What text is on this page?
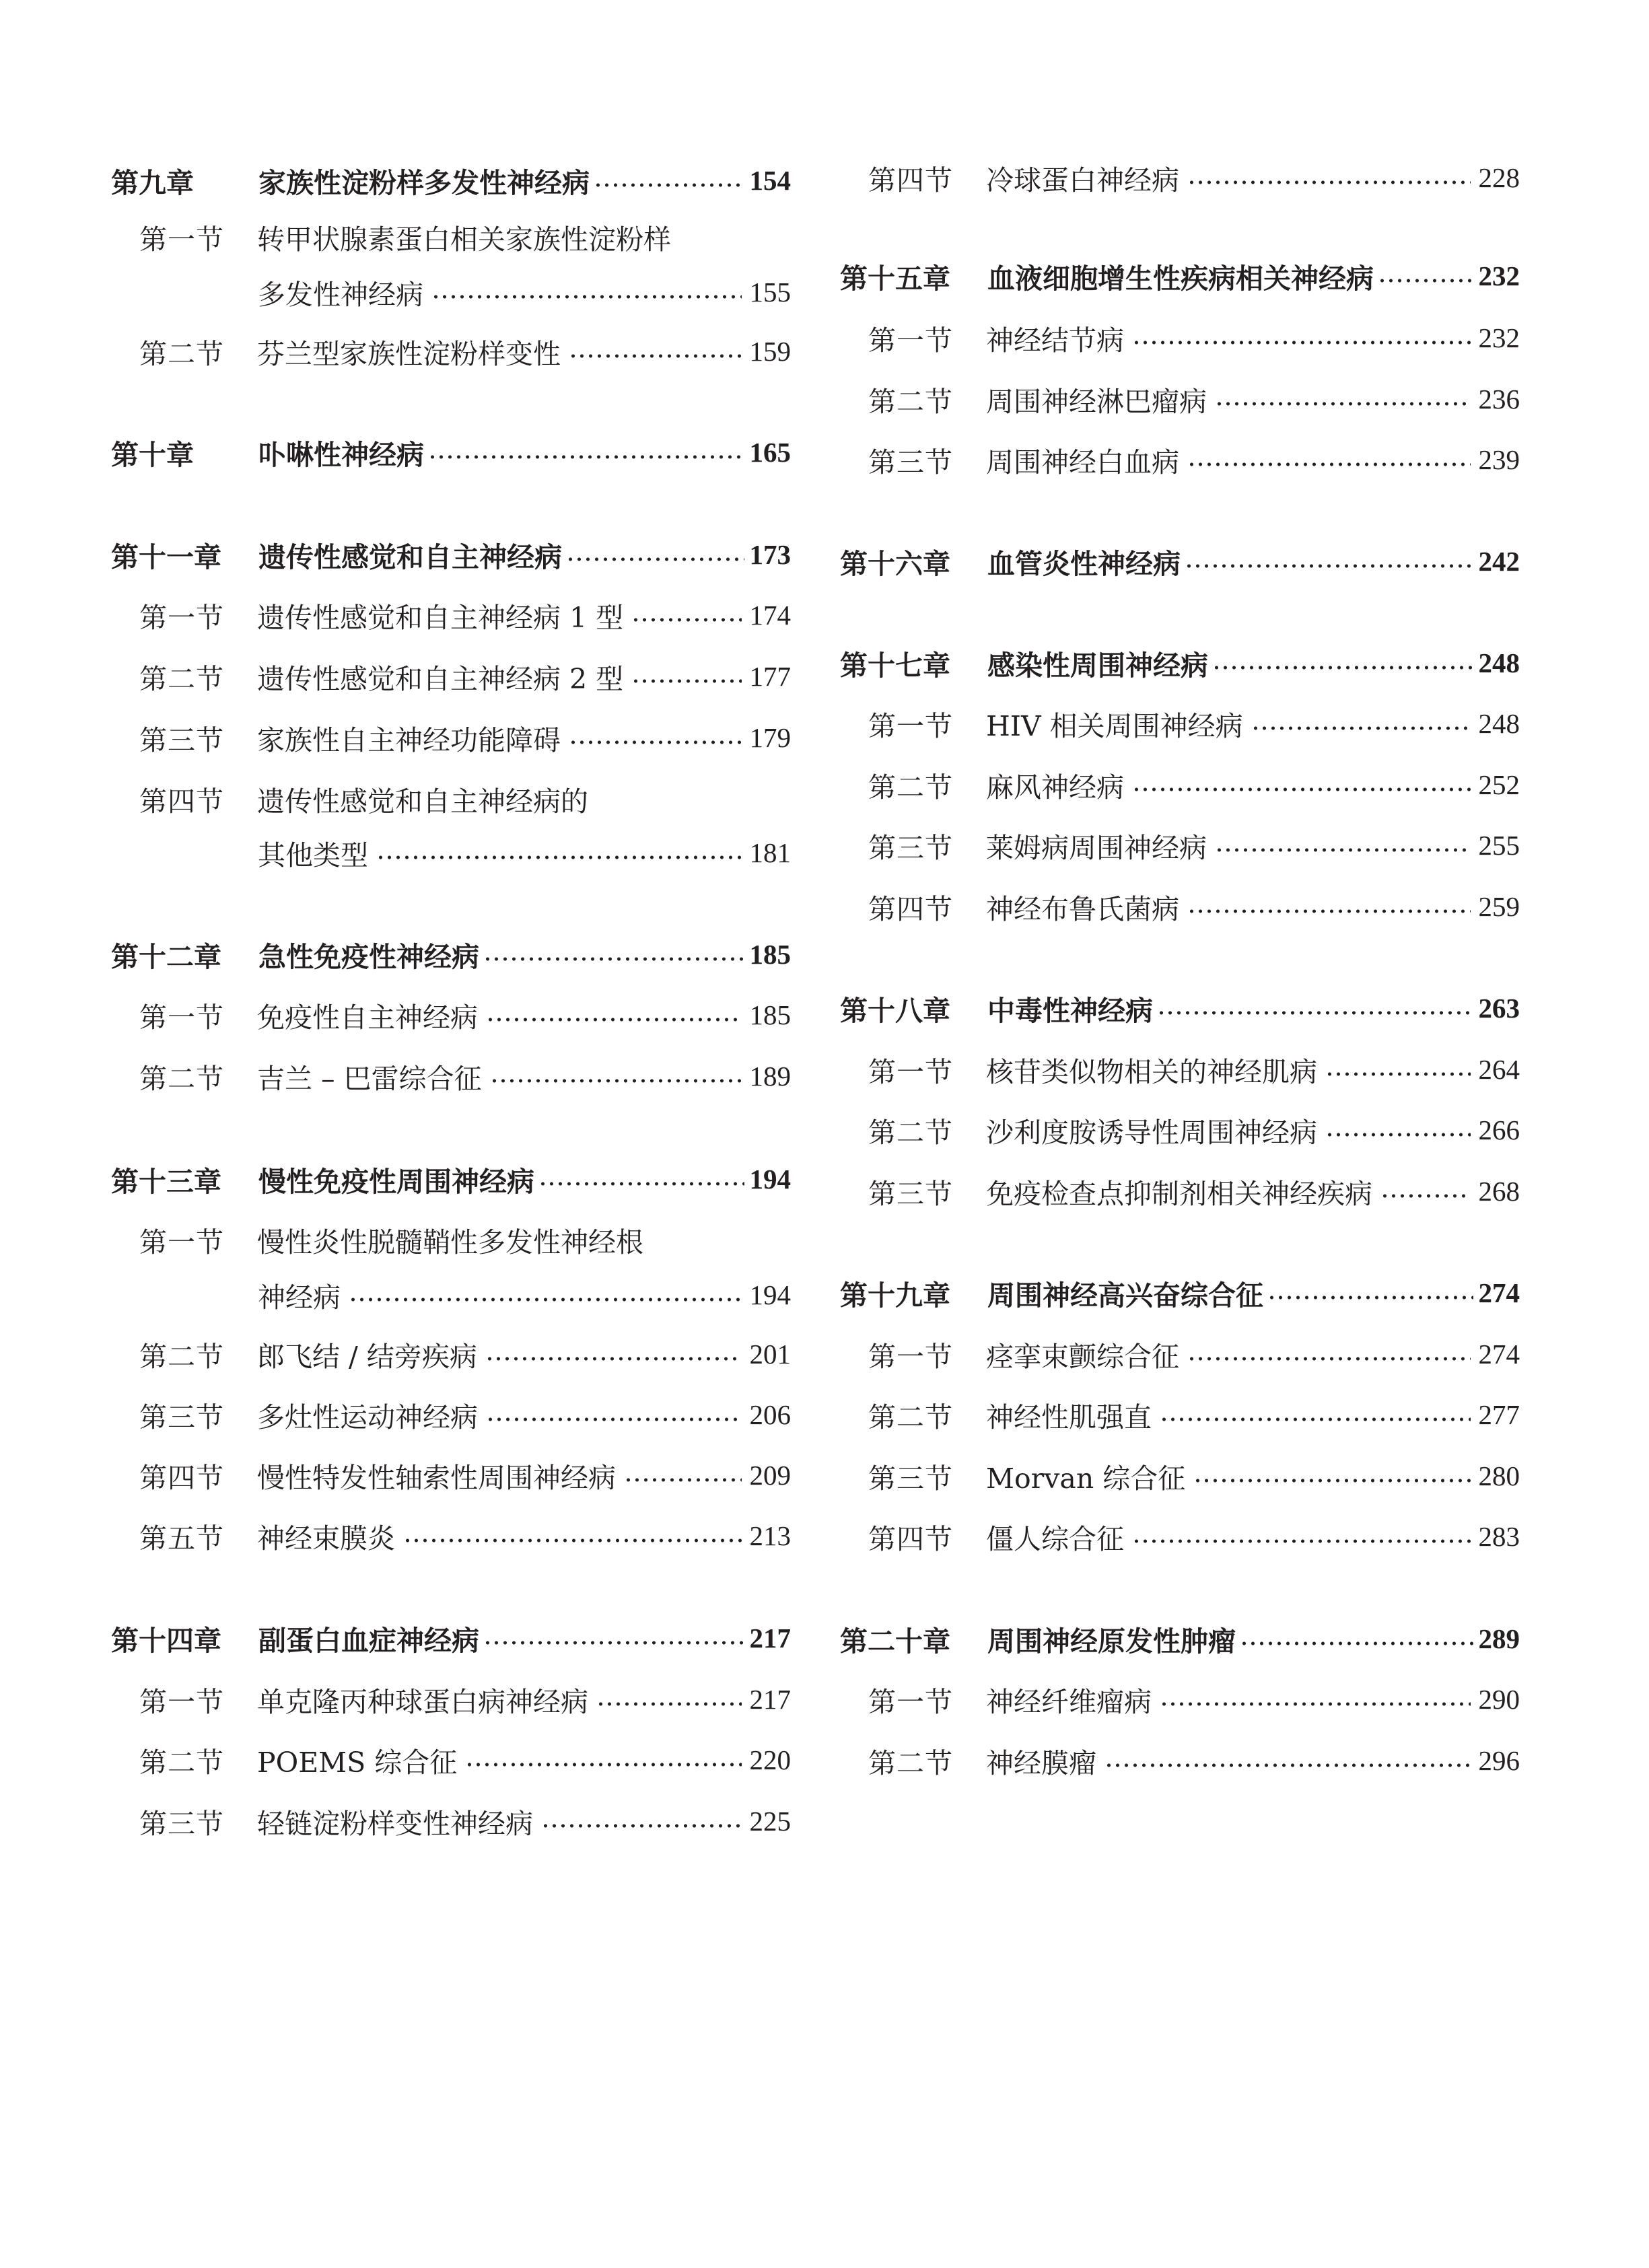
第九章	家族性淀粉样多发性神经病	154
第一节	转甲状腺素蛋白相关家族性淀粉样
多发性神经病	155
第二节	芬兰型家族性淀粉样变性	159
第十章	卟啉性神经病	165
第十一章	遗传性感觉和自主神经病	173
第一节	遗传性感觉和自主神经病 1 型	174
第二节	遗传性感觉和自主神经病 2 型	177
第三节	家族性自主神经功能障碍	179
第四节	遗传性感觉和自主神经病的
其他类型	181
第十二章	急性免疫性神经病	185
第一节	免疫性自主神经病	185
第二节	吉兰 – 巴雷综合征	189
第十三章	慢性免疫性周围神经病	194
第一节	慢性炎性脱髓鞘性多发性神经根
神经病	194
第二节	郎飞结 / 结旁疾病	201
第三节	多灶性运动神经病	206
第四节	慢性特发性轴索性周围神经病	209
第五节	神经束膜炎	213
第十四章	副蛋白血症神经病	217
第一节	单克隆丙种球蛋白病神经病	217
第二节	POEMS 综合征	220
第三节	轻链淀粉样变性神经病	225
第四节	冷球蛋白神经病	228
第十五章	血液细胞增生性疾病相关神经病	232
第一节	神经结节病	232
第二节	周围神经淋巴瘤病	236
第三节	周围神经白血病	239
第十六章	血管炎性神经病	242
第十七章	感染性周围神经病	248
第一节	HIV 相关周围神经病	248
第二节	麻风神经病	252
第三节	莱姆病周围神经病	255
第四节	神经布鲁氏菌病	259
第十八章	中毒性神经病	263
第一节	核苷类似物相关的神经肌病	264
第二节	沙利度胺诱导性周围神经病	266
第三节	免疫检查点抑制剂相关神经疾病	268
第十九章	周围神经高兴奋综合征	274
第一节	痉挛束颤综合征	274
第二节	神经性肌强直	277
第三节	Morvan 综合征	280
第四节	僵人综合征	283
第二十章	周围神经原发性肿瘤	289
第一节	神经纤维瘤病	290
第二节	神经膜瘤	296
